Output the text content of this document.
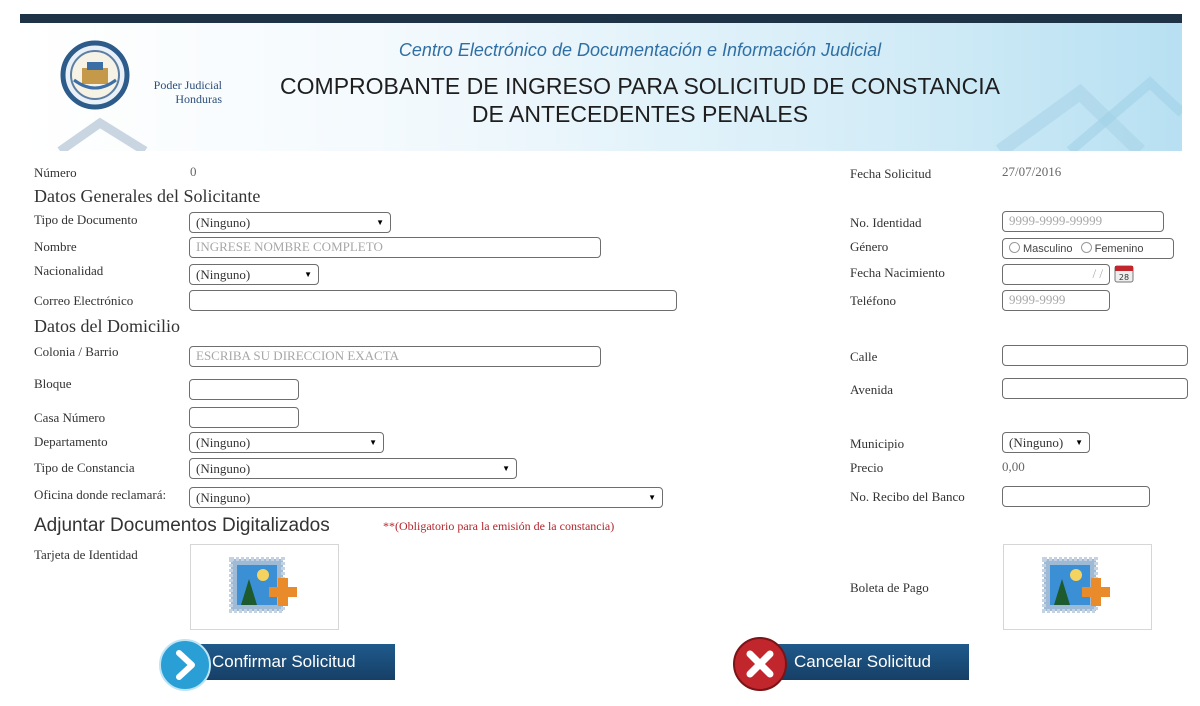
Poder Judicial
Honduras
Centro Electrónico de Documentación e Información Judicial
COMPROBANTE DE INGRESO PARA SOLICITUD DE CONSTANCIA
DE ANTECEDENTES PENALES
Número	0
Datos Generales del Solicitante
Tipo de Documento	(Ninguno)	▼
Nombre	INGRESE NOMBRE COMPLETO
Nacionalidad	(Ninguno)	▼
Correo Electrónico
Datos del Domicilio
Colonia / Barrio	ESCRIBA SU DIRECCION EXACTA
Bloque
Casa Número
Departamento	(Ninguno)	▼
Tipo de Constancia	(Ninguno)	▼
Oficina donde reclamará: (Ninguno)	▼
Adjuntar Documentos Digitalizados	**(Obligatorio para la emisión de la constancia)
Tarjeta de Identidad
Fecha Solicitud	27/07/2016
No. Identidad	9999-9999-99999
Género	Masculino Femenino
Fecha Nacimiento	/ /	28
Teléfono	9999-9999
Calle
Avenida
Municipio	(Ninguno) ▼
Precio	0,00
No. Recibo del Banco
Boleta de Pago
Confirmar Solicitud	Cancelar Solicitud
